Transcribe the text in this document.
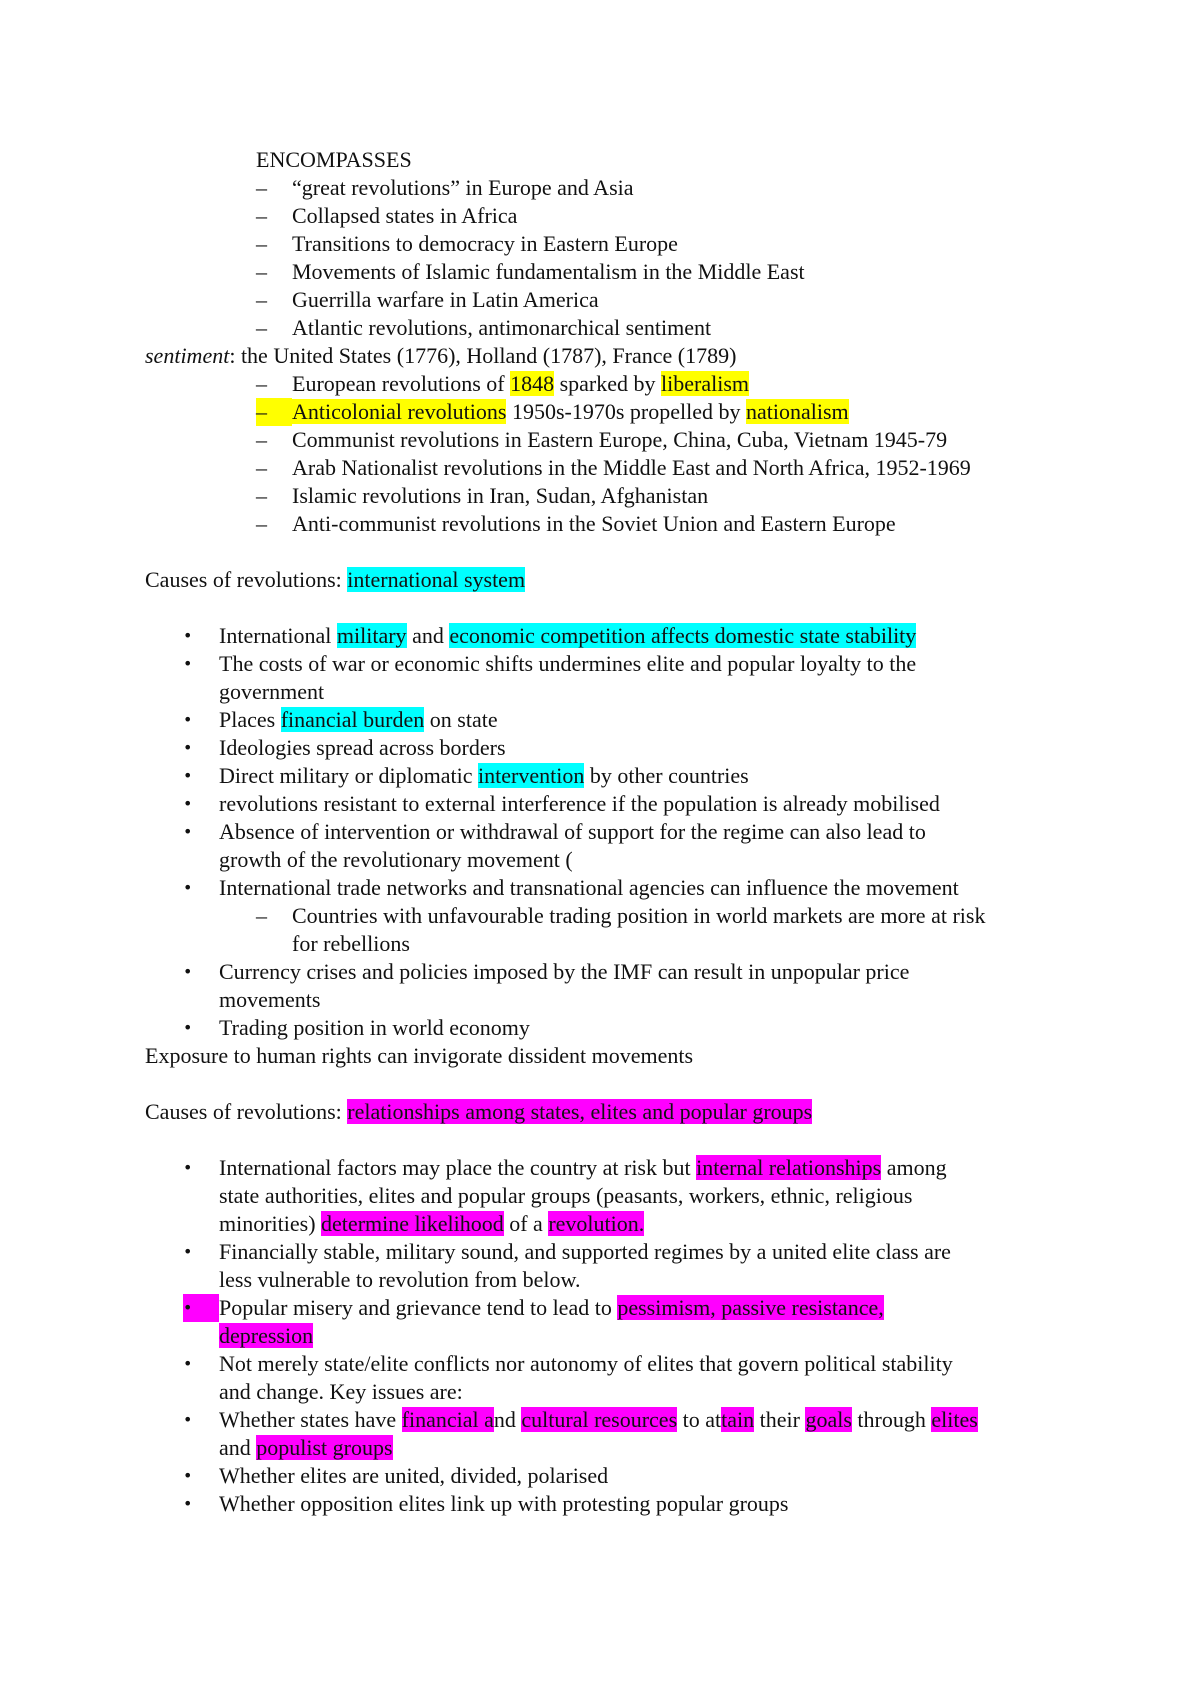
ENCOMPASSES
–	“great revolutions” in Europe and Asia
–	Collapsed states in Africa
–	Transitions to democracy in Eastern Europe
–	Movements of Islamic fundamentalism in the Middle East
–	Guerrilla warfare in Latin America
–	Atlantic revolutions, antimonarchical sentiment
sentiment: the United States (1776), Holland (1787), France (1789)
–	European revolutions of 1848 sparked by liberalism
–	Anticolonial revolutions 1950s-1970s propelled by nationalism
–	Communist revolutions in Eastern Europe, China, Cuba, Vietnam 1945-79
–	Arab Nationalist revolutions in the Middle East and North Africa, 1952-1969
–	Islamic revolutions in Iran, Sudan, Afghanistan
–	Anti-communist revolutions in the Soviet Union and Eastern Europe
Causes of revolutions: international system
•	International military and economic competition affects domestic state stability
•	The costs of war or economic shifts undermines elite and popular loyalty to the
government
•	Places financial burden on state
•	Ideologies spread across borders
•	Direct military or diplomatic intervention by other countries
•	revolutions resistant to external interference if the population is already mobilised
•	Absence of intervention or withdrawal of support for the regime can also lead to
growth of the revolutionary movement (
•	International trade networks and transnational agencies can influence the movement
–	Countries with unfavourable trading position in world markets are more at risk
for rebellions
•	Currency crises and policies imposed by the IMF can result in unpopular price
movements
•	Trading position in world economy
Exposure to human rights can invigorate dissident movements
Causes of revolutions: relationships among states, elites and popular groups
•	International factors may place the country at risk but internal relationships among
state authorities, elites and popular groups (peasants, workers, ethnic, religious
minorities) determine likelihood of a revolution.
•	Financially stable, military sound, and supported regimes by a united elite class are
less vulnerable to revolution from below.
•	Popular misery and grievance tend to lead to pessimism, passive resistance,
depression
•	Not merely state/elite conflicts nor autonomy of elites that govern political stability
and change. Key issues are:
•	Whether states have financial and cultural resources to attain their goals through elites
and populist groups
•	Whether elites are united, divided, polarised
•	Whether opposition elites link up with protesting popular groups
